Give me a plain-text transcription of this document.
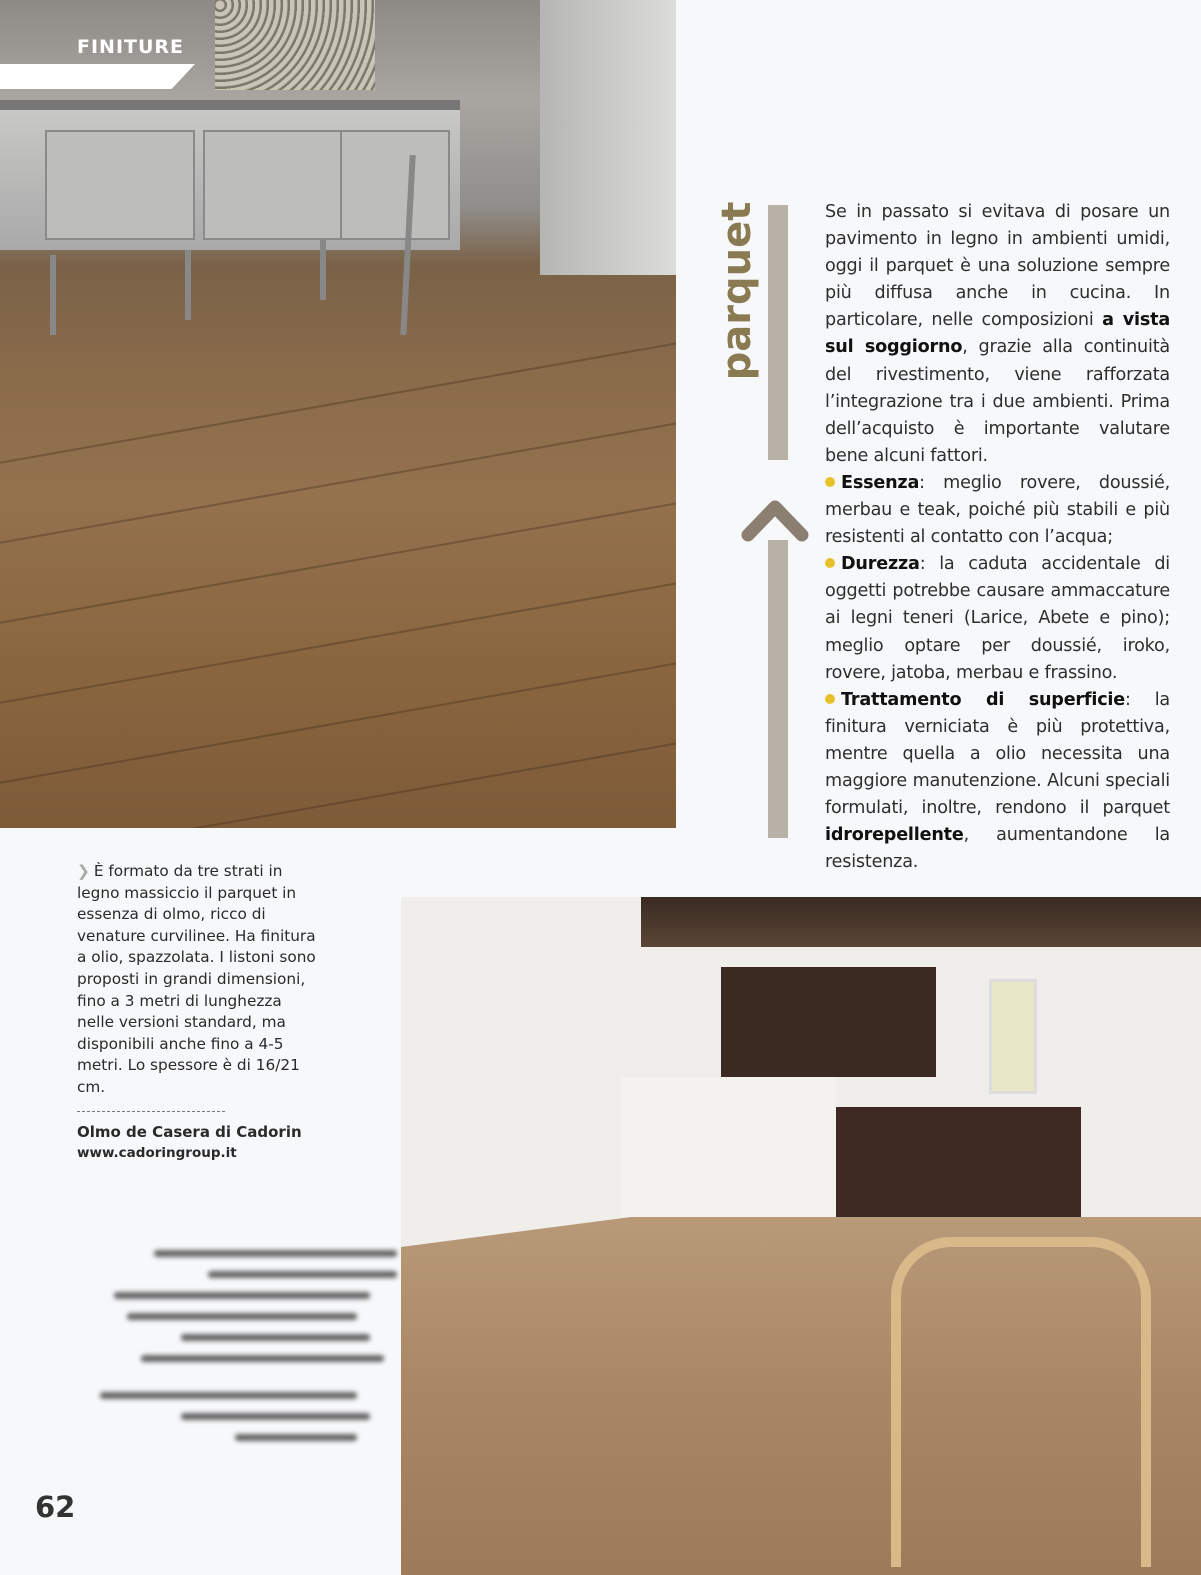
FINITURE
parquet	Se in passato si evitava di posare un pavimento in legno in ambienti umidi, oggi il parquet è una soluzione sempre più diffusa anche in cucina. In particolare, nelle composizioni a vista sul soggiorno, grazie alla continuità del rivestimento, viene rafforzata l’integrazione tra i due ambienti. Prima dell’acquisto è importante valutare bene alcuni fattori.

Essenza: meglio rovere, doussié, merbau e teak, poiché più stabili e più resistenti al contatto con l’acqua;

Durezza: la caduta accidentale di oggetti potrebbe causare ammaccature ai legni teneri (Larice, Abete e pino); meglio optare per doussié, iroko, rovere, jatoba, merbau e frassino.

Trattamento di superficie: la finitura verniciata è più protettiva, mentre quella a olio necessita una maggiore manutenzione. Alcuni speciali formulati, inoltre, rendono il parquet idrorepellente, aumentandone la resistenza.

❯ È formato da tre strati in legno massiccio il parquet in essenza di olmo, ricco di venature curvilinee. Ha finitura a olio, spazzolata. I listoni sono proposti in grandi dimensioni, fino a 3 metri di lunghezza nelle versioni standard, ma disponibili anche fino a 4-5 metri. Lo spessore è di 16/21 cm.

Olmo de Casera di Cadorin
www.cadoringroup.it
62
